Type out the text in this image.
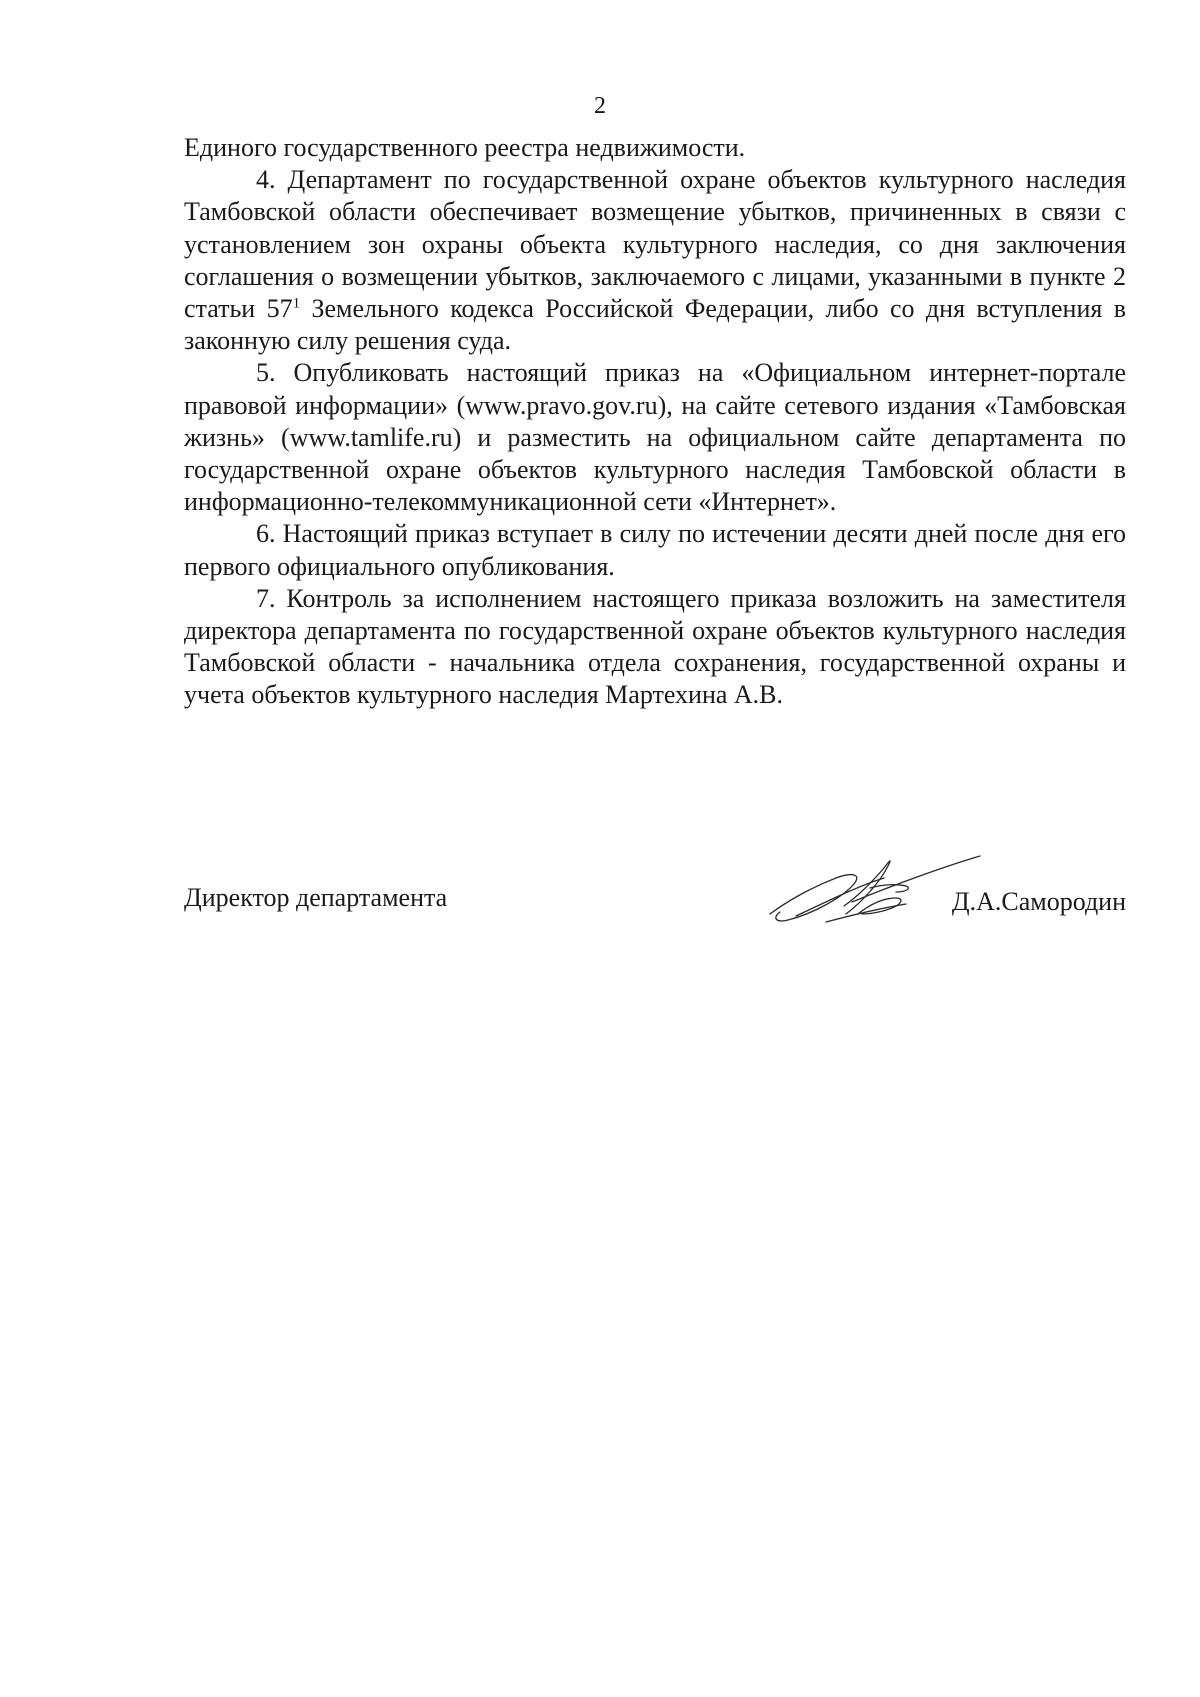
2

Единого государственного реестра недвижимости.

4. Департамент по государственной охране объектов культурного наследия Тамбовской области обеспечивает возмещение убытков, причиненных в связи с установлением зон охраны объекта культурного наследия, со дня заключения соглашения о возмещении убытков, заключаемого с лицами, указанными в пункте 2 статьи $57^1$ Земельного кодекса Российской Федерации, либо со дня вступления в законную силу решения суда.

5. Опубликовать настоящий приказ на «Официальном интернет-портале правовой информации» (www.pravo.gov.ru), на сайте сетевого издания «Тамбовская жизнь» (www.tamlife.ru) и разместить на официальном сайте департамента по государственной охране объектов культурного наследия Тамбовской области в информационно-телекоммуникационной сети «Интернет».

6. Настоящий приказ вступает в силу по истечении десяти дней после дня его первого официального опубликования.

7. Контроль за исполнением настоящего приказа возложить на заместителя директора департамента по государственной охране объектов культурного наследия Тамбовской области - начальника отдела сохранения, государственной охраны и учета объектов культурного наследия Мартехина А.В.

Директор департамента	Д.А.Самородин
